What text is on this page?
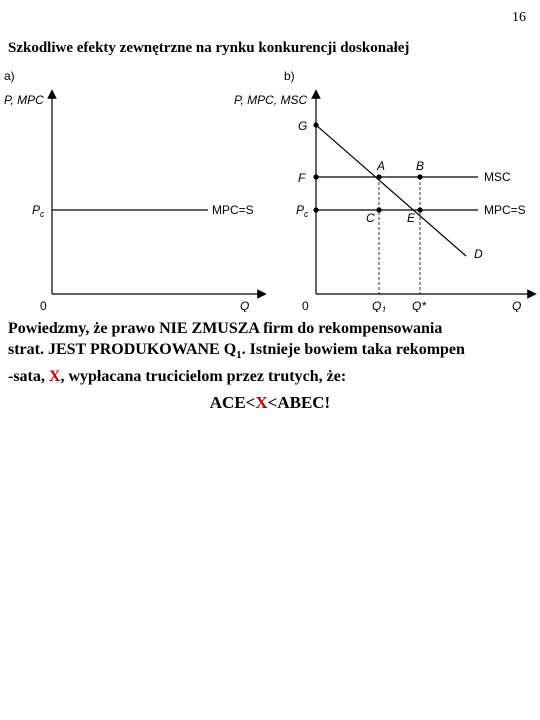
16
Szkodliwe efekty zewnętrzne na rynku konkurencji doskonałej
a)
P, MPC
0	Q
$P_c$	MPC=S
b)
P, MPC, MSC
0	Q
MSC
MPC=S
D
G
F
$P_c$
A	B
C	E
$Q_1$ Q*
Powiedzmy, że prawo NIE ZMUSZA firm do rekompensowania
strat. JEST PRODUKOWANE $Q_1$. Istnieje bowiem taka rekompen
-sata, X, wypłacana trucicielom przez trutych, że:
ACE<X<ABEC!
